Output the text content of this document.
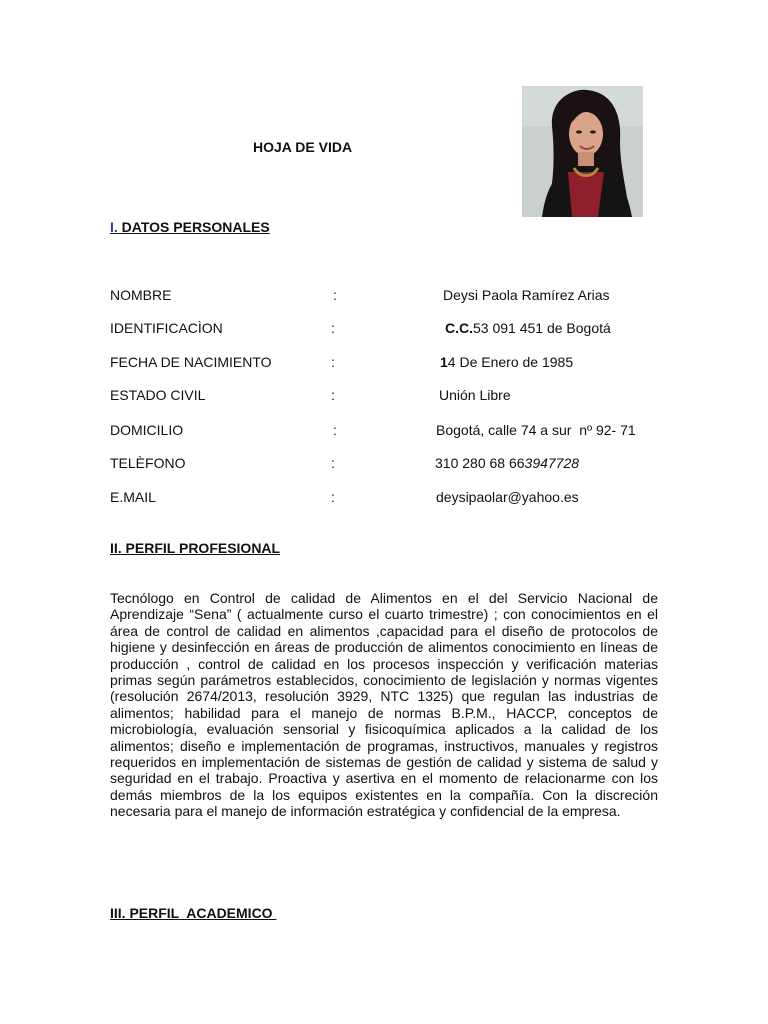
HOJA DE VIDA
I. DATOS PERSONALES
NOMBRE	:	Deysi Paola Ramírez Arias
IDENTIFICACÌON	:	C.C.53 091 451 de Bogotá
FECHA DE NACIMIENTO	:	14 De Enero de 1985
ESTADO CIVIL	:	Unión Libre
DOMICILIO	:	Bogotá, calle 74 a sur  nº 92- 71
TELÈFONO	:	310 280 68 663947728
E.MAIL	:	deysipaolar@yahoo.es
II. PERFIL PROFESIONAL

Tecnólogo en Control de calidad de Alimentos en el del Servicio Nacional de Aprendizaje “Sena” ( actualmente curso el cuarto trimestre) ; con conocimientos en el área de control de calidad en alimentos ,capacidad para el diseño de protocolos de higiene y desinfección en áreas de producción de alimentos conocimiento en líneas de producción , control de calidad en los procesos inspección y verificación materias primas según parámetros establecidos, conocimiento de legislación y normas vigentes (resolución 2674/2013, resolución 3929, NTC 1325) que regulan las industrias de alimentos; habilidad para el manejo de normas B.P.M., HACCP, conceptos de microbiología, evaluación sensorial y fisicoquímica aplicados a la calidad de los alimentos; diseño e implementación de programas, instructivos, manuales y registros requeridos en implementación de sistemas de gestión de calidad y sistema de salud y seguridad en el trabajo. Proactiva y asertiva en el momento de relacionarme con los demás miembros de la los equipos existentes en la compañía. Con la discreción necesaria para el manejo de información estratégica y confidencial de la empresa.

III. PERFIL  ACADEMICO
